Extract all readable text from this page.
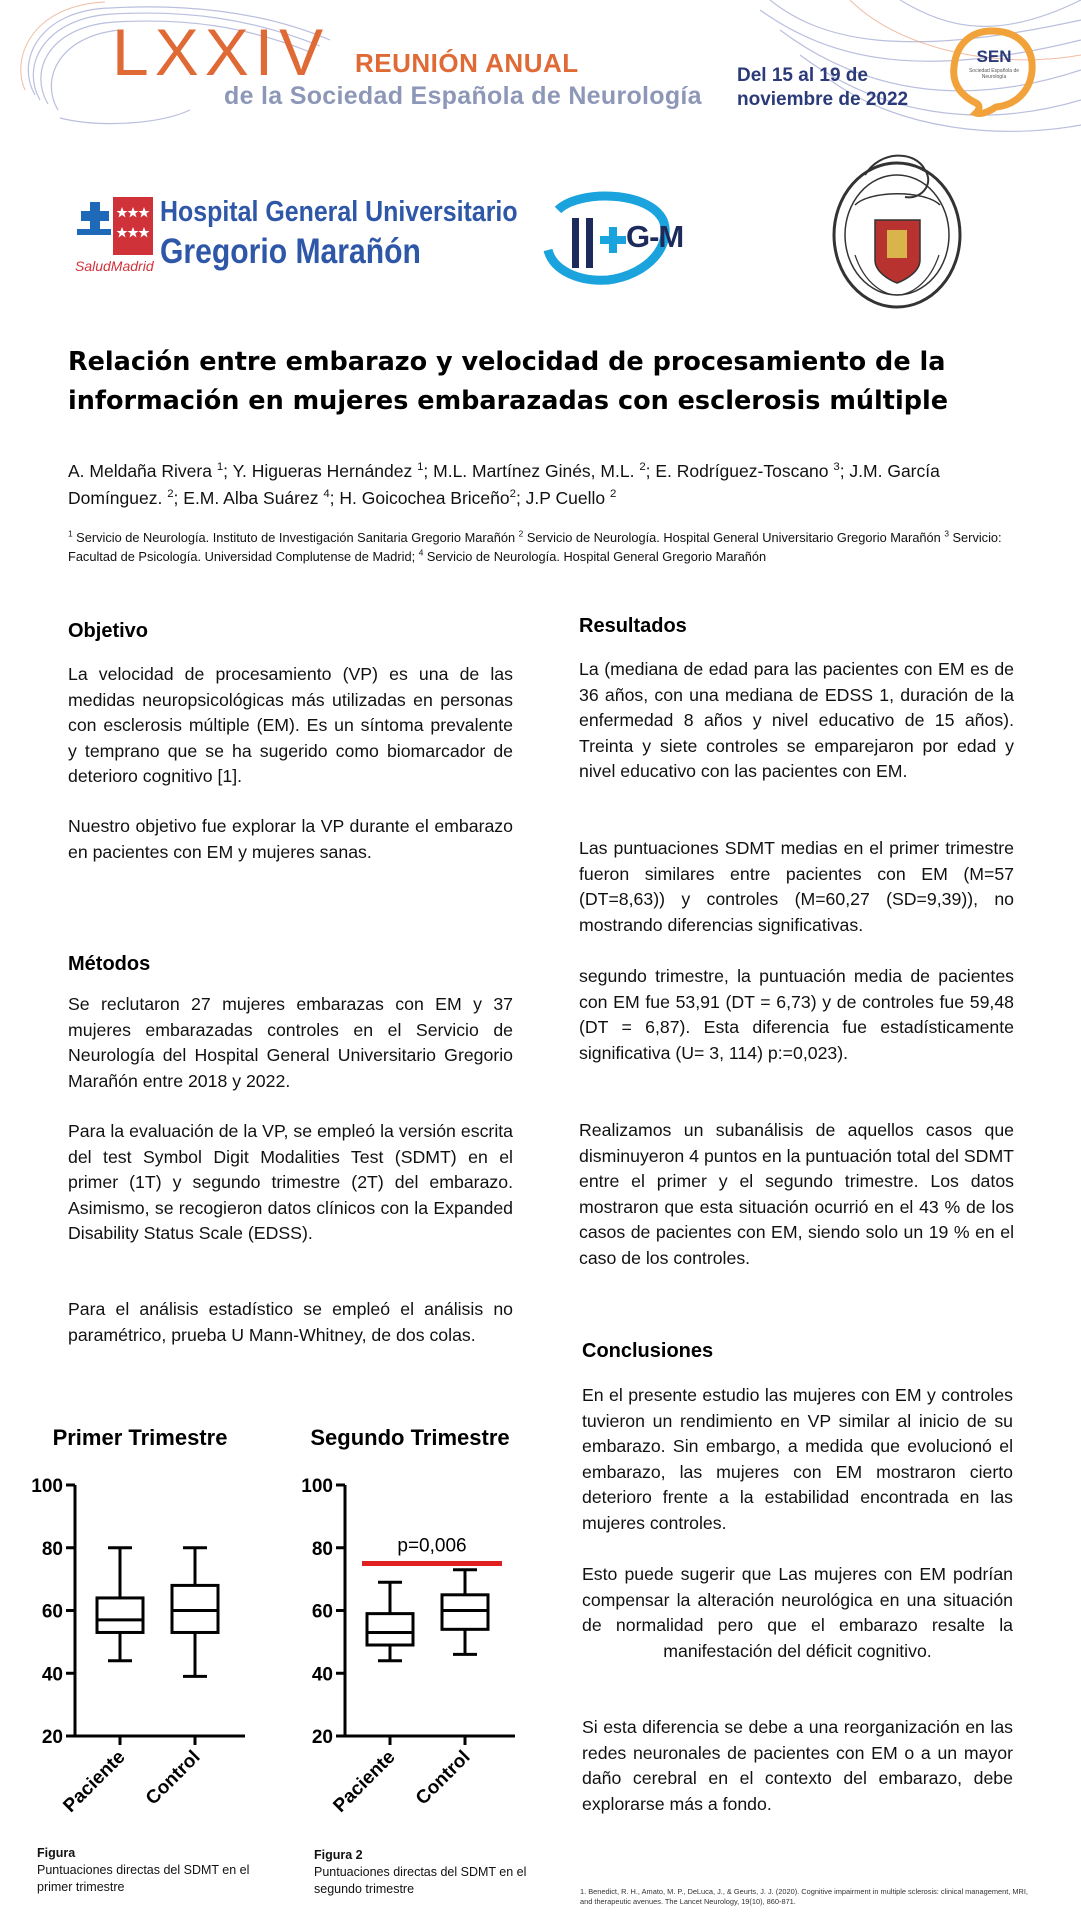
LXXIV REUNIÓN ANUAL
de la Sociedad Española de Neurología
Del 15 al 19 de
noviembre de 2022
SEN
Sociedad Española de Neurología
SaludMadrid
Hospital General Universitario
Gregorio Marañón	G-M
Relación entre embarazo y velocidad de procesamiento de la información en mujeres embarazadas con esclerosis múltiple
A. Meldaña Rivera $^1$; Y. Higueras Hernández $^1$; M.L. Martínez Ginés, M.L. $^2$; E. Rodríguez-Toscano $^3$; J.M. García Domínguez. $^2$; E.M. Alba Suárez $^4$; H. Goicochea Briceño$^2$; J.P Cuello $^2$
$^1$ Servicio de Neurología. Instituto de Investigación Sanitaria Gregorio Marañón $^2$ Servicio de Neurología. Hospital General Universitario Gregorio Marañón $^3$ Servicio: Facultad de Psicología. Universidad Complutense de Madrid; $^4$ Servicio de Neurología. Hospital General Gregorio Marañón
Objetivo

La velocidad de procesamiento (VP) es una de las medidas neuropsicológicas más utilizadas en personas con esclerosis múltiple (EM). Es un síntoma prevalente y temprano que se ha sugerido como biomarcador de deterioro cognitivo [1].

Nuestro objetivo fue explorar la VP durante el embarazo en pacientes con EM y mujeres sanas.

Métodos

Se reclutaron 27 mujeres embarazas con EM y 37 mujeres embarazadas controles en el Servicio de Neurología del Hospital General Universitario Gregorio Marañón entre 2018 y 2022.

Para la evaluación de la VP, se empleó la versión escrita del test Symbol Digit Modalities Test (SDMT) en el primer (1T) y segundo trimestre (2T) del embarazo. Asimismo, se recogieron datos clínicos con la Expanded Disability Status Scale (EDSS).

Para el análisis estadístico se empleó el análisis no paramétrico, prueba U Mann-Whitney, de dos colas.

Resultados

La (mediana de edad para las pacientes con EM es de 36 años, con una mediana de EDSS 1, duración de la enfermedad 8 años y nivel educativo de 15 años). Treinta y siete controles se emparejaron por edad y nivel educativo con las pacientes con EM.

Las puntuaciones SDMT medias en el primer trimestre fueron similares entre pacientes con EM (M=57 (DT=8,63)) y controles (M=60,27 (SD=9,39)), no mostrando diferencias significativas.

segundo trimestre, la puntuación media de pacientes con EM fue 53,91 (DT = 6,73) y de controles fue 59,48 (DT = 6,87). Esta diferencia fue estadísticamente significativa (U= 3, 114) p:=0,023).

Realizamos un subanálisis de aquellos casos que disminuyeron 4 puntos en la puntuación total del SDMT entre el primer y el segundo trimestre. Los datos mostraron que esta situación ocurrió en el 43 % de los casos de pacientes con EM, siendo solo un 19 % en el caso de los controles.

Conclusiones

En el presente estudio las mujeres con EM y controles tuvieron un rendimiento en VP similar al inicio de su embarazo. Sin embargo, a medida que evolucionó el embarazo, las mujeres con EM mostraron cierto deterioro frente a la estabilidad encontrada en las mujeres controles.

Esto puede sugerir que Las mujeres con EM podrían compensar la alteración neurológica en una situación de normalidad pero que el embarazo resalte la manifestación del déficit cognitivo.

Si esta diferencia se debe a una reorganización en las redes neuronales de pacientes con EM o a un mayor daño cerebral en el contexto del embarazo, debe explorarse más a fondo.

Primer Trimestre
20
40
60
80
100
Paciente Control
Segundo Trimestre
20
40
60
80
100
Paciente Control
p=0,006
Figura
Puntuaciones directas del SDMT en el primer trimestre
Figura 2
Puntuaciones directas del SDMT en el segundo trimestre	1. Benedict, R. H., Amato, M. P., DeLuca, J., & Geurts, J. J. (2020). Cognitive impairment in multiple sclerosis: clinical management, MRI, and therapeutic avenues. The Lancet Neurology, 19(10), 860-871.
